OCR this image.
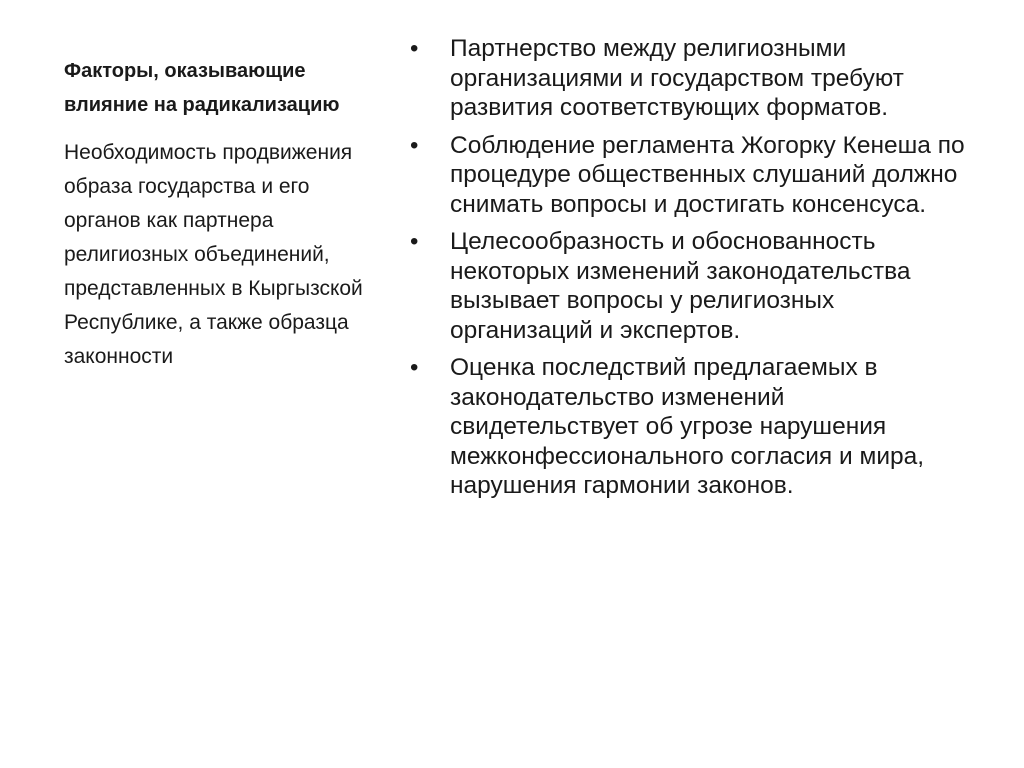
Факторы, оказывающие влияние на радикализацию

Необходимость продвижения образа государства и его органов как партнера религиозных объединений, представленных в Кыргызской Республике, а также образца законности

•	Партнерство между религиозными организациями и государством требуют развития соответствующих форматов.
•	Соблюдение регламента Жогорку Кенеша по процедуре общественных слушаний должно снимать вопросы и достигать консенсуса.
•	Целесообразность и обоснованность некоторых изменений законодательства вызывает вопросы у религиозных организаций и экспертов.
•	Оценка последствий предлагаемых в законодательство изменений свидетельствует об угрозе нарушения межконфессионального согласия и мира, нарушения гармонии законов.
